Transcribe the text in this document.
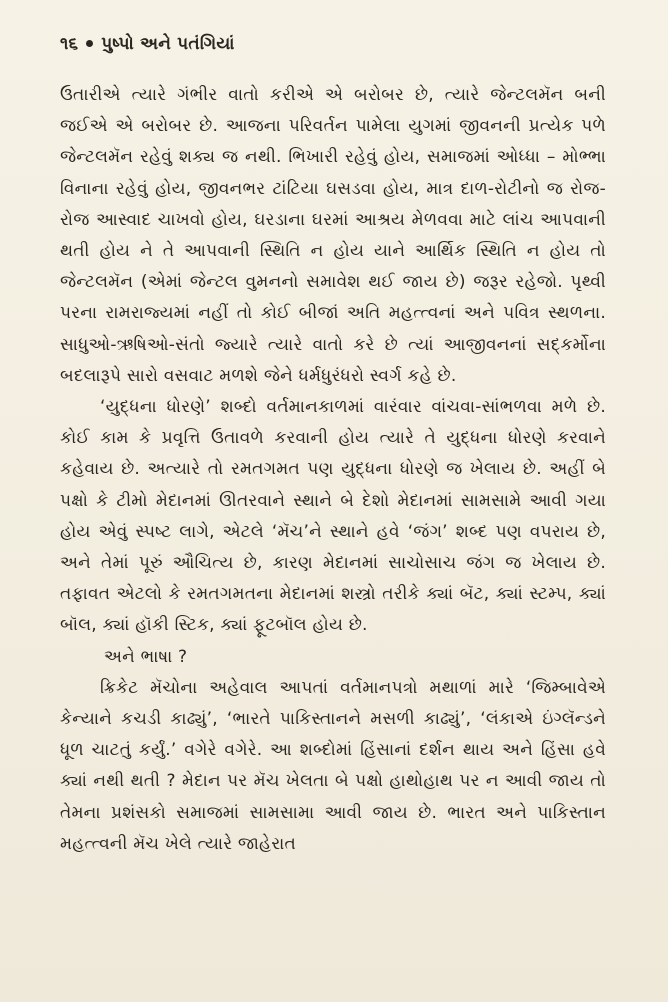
૧૬ પુષ્પો અને પતંગિયાં

ઉતારીએ ત્યારે ગંભીર વાતો કરીએ એ બરોબર છે, ત્યારે જેન્ટલમૅન બની જઈએ એ બરોબર છે. આજના પરિવર્તન પામેલા યુગમાં જીવનની પ્રત્યેક પળે જેન્ટલમૅન રહેવું શક્ય જ નથી. ભિખારી રહેવું હોય, સમાજમાં ઓધ્ધા – મોભ્ભા વિનાના રહેવું હોય, જીવનભર ટાંટિયા ઘસડવા હોય, માત્ર દાળ-રોટીનો જ રોજ-રોજ આસ્વાદ ચાખવો હોય, ઘરડાના ઘરમાં આશ્રય મેળવવા માટે લાંચ આપવાની થતી હોય ને તે આપવાની સ્થિતિ ન હોય યાને આર્થિક સ્થિતિ ન હોય તો જેન્ટલમૅન (એમાં જેન્ટલ વુમનનો સમાવેશ થઈ જાય છે) જરૂર રહેજો. પૃથ્વી પરના રામરાજ્યમાં નહીં તો કોઈ બીજાં અતિ મહત્ત્વનાં અને પવિત્ર સ્થળના. સાધુઓ-ઋષિઓ-સંતો જ્યારે ત્યારે વાતો કરે છે ત્યાં આજીવનનાં સદ્‌કર્મોના બદલારૂપે સારો વસવાટ મળશે જેને ધર્મધુરંધરો સ્વર્ગ કહે છે.

‘યુદ્ધના ધોરણે’ શબ્દો વર્તમાનકાળમાં વારંવાર વાંચવા-સાંભળવા મળે છે. કોઈ કામ કે પ્રવૃત્તિ ઉતાવળે કરવાની હોય ત્યારે તે યુદ્ધના ધોરણે કરવાને કહેવાય છે. અત્યારે તો રમતગમત પણ યુદ્ધના ધોરણે જ ખેલાય છે. અહીં બે પક્ષો કે ટીમો મેદાનમાં ઊતરવાને સ્થાને બે દેશો મેદાનમાં સામસામે આવી ગયા હોય એવું સ્પષ્ટ લાગે, એટલે ‘મૅચ’ને સ્થાને હવે ‘જંગ’ શબ્દ પણ વપરાય છે, અને તેમાં પૂરું ઔચિત્ય છે, કારણ મેદાનમાં સાચોસાચ જંગ જ ખેલાય છે. તફાવત એટલો કે રમતગમતના મેદાનમાં શસ્ત્રો તરીકે ક્યાં બૅટ, ક્યાં સ્ટમ્પ, ક્યાં બૉલ, ક્યાં હૉકી સ્ટિક, ક્યાં ફૂટબૉલ હોય છે.

અને ભાષા ?

ક્રિકેટ મૅચોના અહેવાલ આપતાં વર્તમાનપત્રો મથાળાં મારે ‘જિમ્બાવેએ કેન્યાને કચડી કાઢ્યું’, ‘ભારતે પાકિસ્તાનને મસળી કાઢ્યું’, ‘લંકાએ ઇંગ્લૅન્ડને ધૂળ ચાટતું કર્યું.’ વગેરે વગેરે. આ શબ્દોમાં હિંસાનાં દર્શન થાય અને હિંસા હવે ક્યાં નથી થતી ? મેદાન પર મૅચ ખેલતા બે પક્ષો હાથોહાથ પર ન આવી જાય તો તેમના પ્રશંસકો સમાજમાં સામસામા આવી જાય છે. ભારત અને પાકિસ્તાન મહત્ત્વની મૅચ ખેલે ત્યારે જાહેરાત
